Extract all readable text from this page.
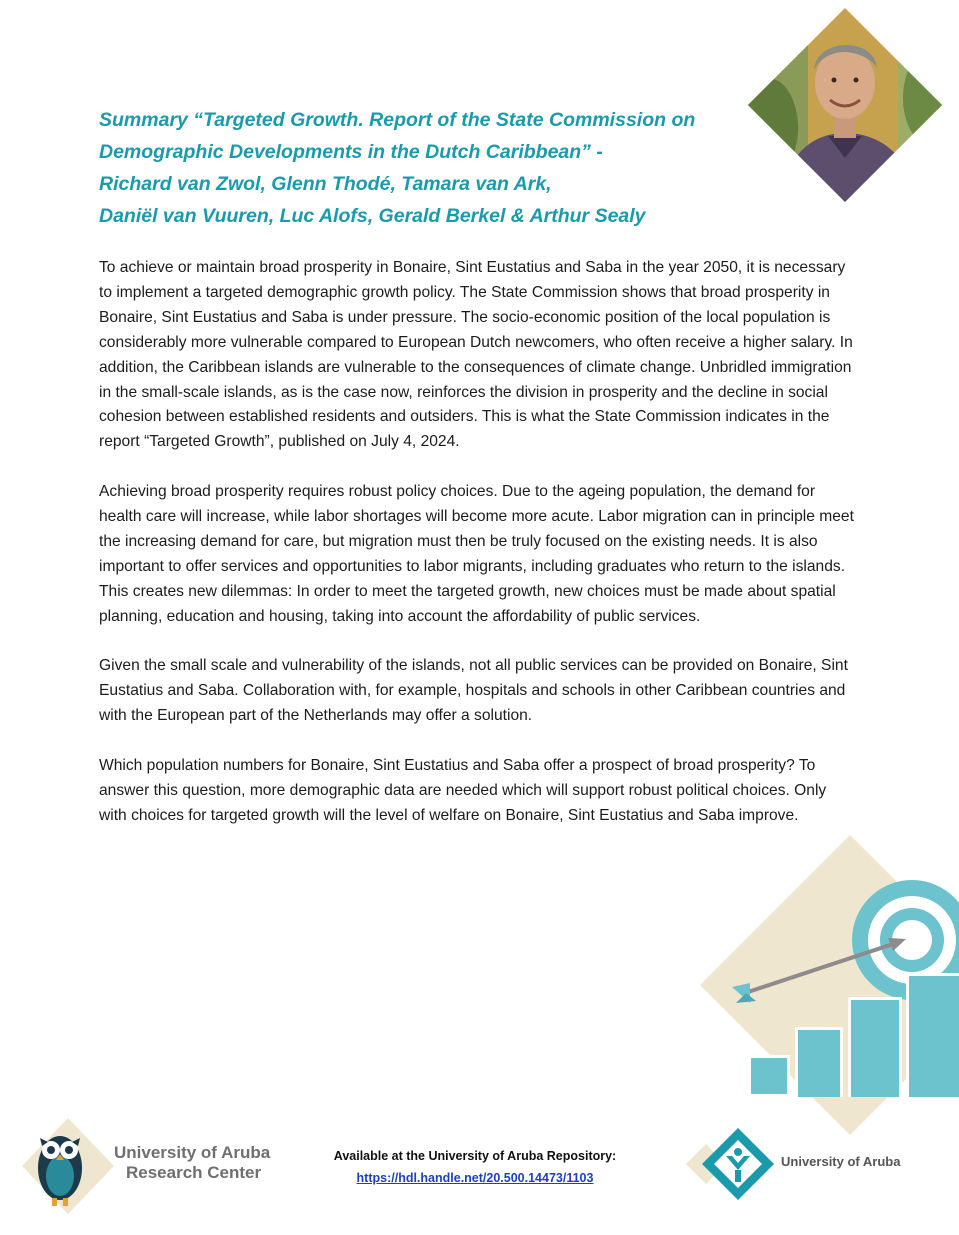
Summary “Targeted Growth. Report of the State Commission on
Demographic Developments in the Dutch Caribbean” -
Richard van Zwol, Glenn Thodé, Tamara van Ark,
Daniël van Vuuren, Luc Alofs, Gerald Berkel & Arthur Sealy

To achieve or maintain broad prosperity in Bonaire, Sint Eustatius and Saba in the year 2050, it is necessary to implement a targeted demographic growth policy. The State Commission shows that broad prosperity in Bonaire, Sint Eustatius and Saba is under pressure. The socio-economic position of the local population is considerably more vulnerable compared to European Dutch newcomers, who often receive a higher salary. In addition, the Caribbean islands are vulnerable to the consequences of climate change. Unbridled immigration in the small-scale islands, as is the case now, reinforces the division in prosperity and the decline in social cohesion between established residents and outsiders. This is what the State Commission indicates in the report “Targeted Growth”, published on July 4, 2024.

Achieving broad prosperity requires robust policy choices. Due to the ageing population, the demand for health care will increase, while labor shortages will become more acute. Labor migration can in principle meet the increasing demand for care, but migration must then be truly focused on the existing needs. It is also important to offer services and opportunities to labor migrants, including graduates who return to the islands. This creates new dilemmas: In order to meet the targeted growth, new choices must be made about spatial planning, education and housing, taking into account the affordability of public services.

Given the small scale and vulnerability of the islands, not all public services can be provided on Bonaire, Sint Eustatius and Saba. Collaboration with, for example, hospitals and schools in other Caribbean countries and with the European part of the Netherlands may offer a solution.

Which population numbers for Bonaire, Sint Eustatius and Saba offer a prospect of broad prosperity? To answer this question, more demographic data are needed which will support robust political choices. Only with choices for targeted growth will the level of welfare on Bonaire, Sint Eustatius and Saba improve.

University of Aruba
Research Center
Available at the University of Aruba Repository:
https://hdl.handle.net/20.500.14473/1103
University of Aruba
